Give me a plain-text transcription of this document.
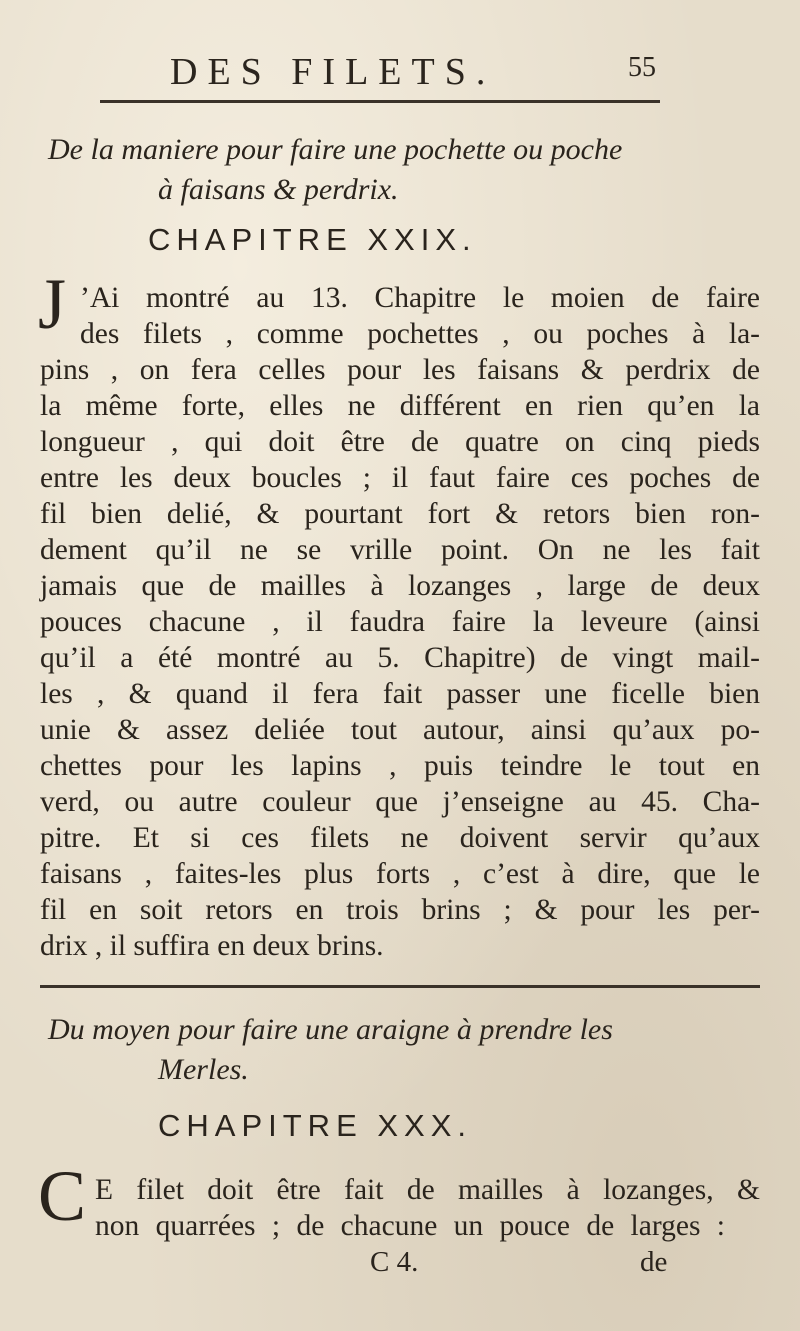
DES FILETS.	55
De la maniere pour faire une pochette ou poche
à faisans & perdrix.
CHAPITRE XXIX.
J ’Ai montré au 13. Chapitre le moien de faire
des filets , comme pochettes , ou poches à la-
pins , on fera celles pour les faisans & perdrix de
la même forte, elles ne différent en rien qu’en la
longueur , qui doit être de quatre on cinq pieds
entre les deux boucles ; il faut faire ces poches de
fil bien delié, & pourtant fort & retors bien ron-
dement qu’il ne se vrille point. On ne les fait
jamais que de mailles à lozanges , large de deux
pouces chacune , il faudra faire la leveure (ainsi
qu’il a été montré au 5. Chapitre) de vingt mail-
les , & quand il fera fait passer une ficelle bien
unie & assez deliée tout autour, ainsi qu’aux po-
chettes pour les lapins , puis teindre le tout en
verd, ou autre couleur que j’enseigne au 45. Cha-
pitre. Et si ces filets ne doivent servir qu’aux
faisans , faites-les plus forts , c’est à dire, que le
fil en soit retors en trois brins ; & pour les per-
drix , il suffira en deux brins.
Du moyen pour faire une araigne à prendre les
Merles.
CHAPITRE XXX.
C E filet doit être fait de mailles à lozanges, &
non quarrées ; de chacune un pouce de larges :
C 4.	de
